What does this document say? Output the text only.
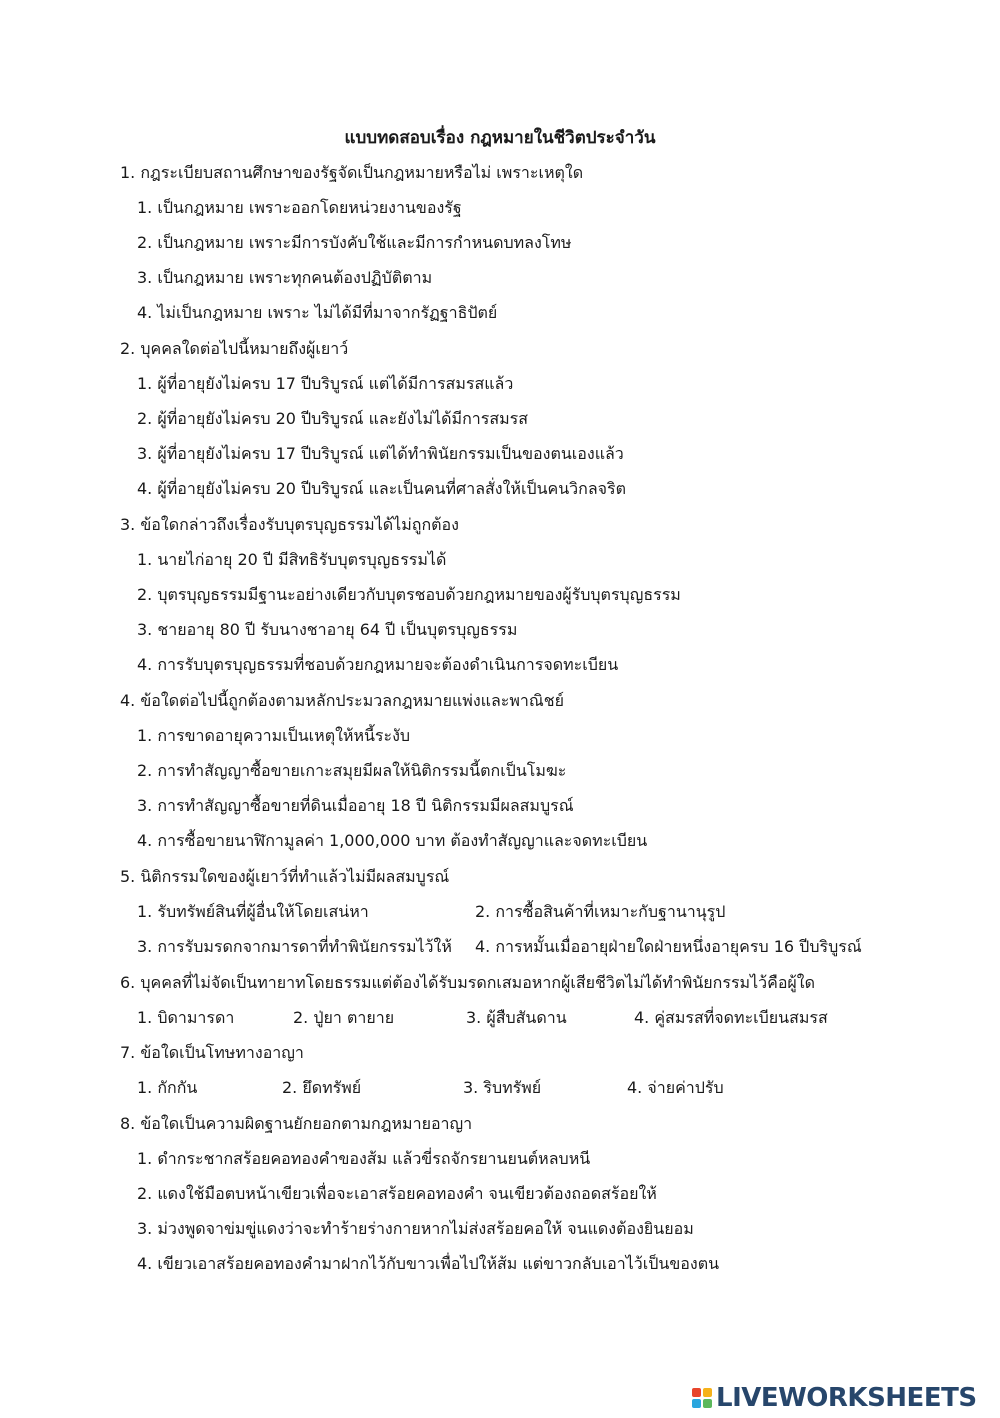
แบบทดสอบเรื่อง กฎหมายในชีวิตประจำวัน
1. กฎระเบียบสถานศึกษาของรัฐจัดเป็นกฎหมายหรือไม่ เพราะเหตุใด
1. เป็นกฎหมาย เพราะออกโดยหน่วยงานของรัฐ
2. เป็นกฎหมาย เพราะมีการบังคับใช้และมีการกำหนดบทลงโทษ
3. เป็นกฎหมาย เพราะทุกคนต้องปฏิบัติตาม
4. ไม่เป็นกฎหมาย เพราะ ไม่ได้มีที่มาจากรัฏฐาธิปัตย์
2. บุคคลใดต่อไปนี้หมายถึงผู้เยาว์
1. ผู้ที่อายุยังไม่ครบ 17 ปีบริบูรณ์ แต่ได้มีการสมรสแล้ว
2. ผู้ที่อายุยังไม่ครบ 20 ปีบริบูรณ์ และยังไม่ได้มีการสมรส
3. ผู้ที่อายุยังไม่ครบ 17 ปีบริบูรณ์ แต่ได้ทำพินัยกรรมเป็นของตนเองแล้ว
4. ผู้ที่อายุยังไม่ครบ 20 ปีบริบูรณ์ และเป็นคนที่ศาลสั่งให้เป็นคนวิกลจริต
3. ข้อใดกล่าวถึงเรื่องรับบุตรบุญธรรมได้ไม่ถูกต้อง
1. นายไก่อายุ 20 ปี มีสิทธิรับบุตรบุญธรรมได้
2. บุตรบุญธรรมมีฐานะอย่างเดียวกับบุตรชอบด้วยกฎหมายของผู้รับบุตรบุญธรรม
3. ชายอายุ 80 ปี รับนางชาอายุ 64 ปี เป็นบุตรบุญธรรม
4. การรับบุตรบุญธรรมที่ชอบด้วยกฎหมายจะต้องดำเนินการจดทะเบียน
4. ข้อใดต่อไปนี้ถูกต้องตามหลักประมวลกฎหมายแพ่งและพาณิชย์
1. การขาดอายุความเป็นเหตุให้หนี้ระงับ
2. การทำสัญญาซื้อขายเกาะสมุยมีผลให้นิติกรรมนี้ตกเป็นโมฆะ
3. การทำสัญญาซื้อขายที่ดินเมื่ออายุ 18 ปี นิติกรรมมีผลสมบูรณ์
4. การซื้อขายนาฬิกามูลค่า 1,000,000 บาท ต้องทำสัญญาและจดทะเบียน
5. นิติกรรมใดของผู้เยาว์ที่ทำแล้วไม่มีผลสมบูรณ์
1. รับทรัพย์สินที่ผู้อื่นให้โดยเสน่หา	2. การซื้อสินค้าที่เหมาะกับฐานานุรูป
3. การรับมรดกจากมารดาที่ทำพินัยกรรมไว้ให้ 4. การหมั้นเมื่ออายุฝ่ายใดฝ่ายหนึ่งอายุครบ 16 ปีบริบูรณ์
6. บุคคลที่ไม่จัดเป็นทายาทโดยธรรมแต่ต้องได้รับมรดกเสมอหากผู้เสียชีวิตไม่ได้ทำพินัยกรรมไว้คือผู้ใด
1. บิดามารดา	2. ปู่ยา ตายาย	3. ผู้สืบสันดาน	4. คู่สมรสที่จดทะเบียนสมรส
7. ข้อใดเป็นโทษทางอาญา
1. กักกัน	2. ยึดทรัพย์	3. ริบทรัพย์	4. จ่ายค่าปรับ
8. ข้อใดเป็นความผิดฐานยักยอกตามกฎหมายอาญา
1. ดำกระชากสร้อยคอทองคำของส้ม แล้วขี่รถจักรยานยนต์หลบหนี
2. แดงใช้มือตบหน้าเขียวเพื่อจะเอาสร้อยคอทองคำ จนเขียวต้องถอดสร้อยให้
3. ม่วงพูดจาข่มขู่แดงว่าจะทำร้ายร่างกายหากไม่ส่งสร้อยคอให้ จนแดงต้องยินยอม
4. เขียวเอาสร้อยคอทองคำมาฝากไว้กับขาวเพื่อไปให้ส้ม แต่ขาวกลับเอาไว้เป็นของตน
LIVEWORKSHEETS
